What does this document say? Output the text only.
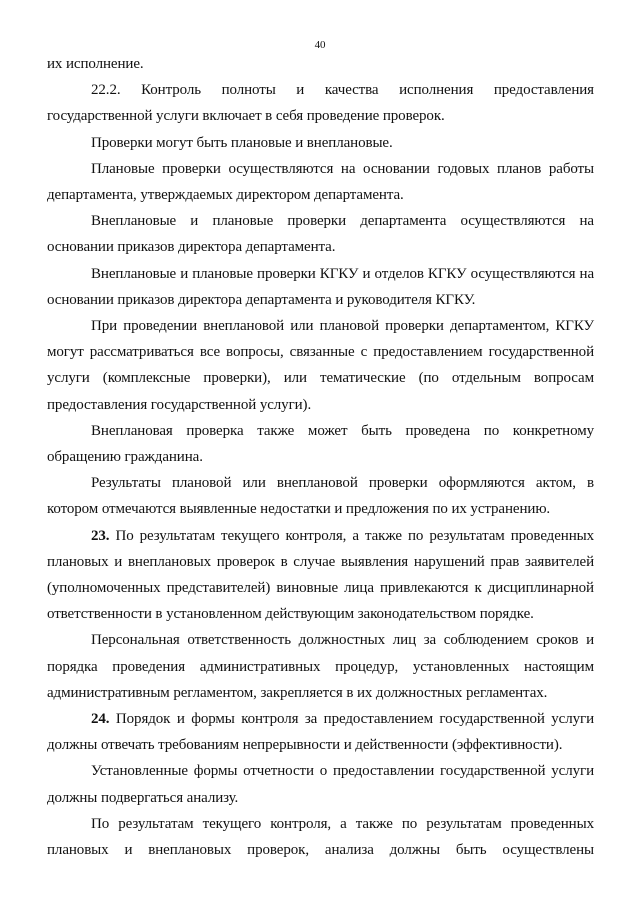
40

их исполнение.

22.2. Контроль полноты и качества исполнения предоставления государственной услуги включает в себя проведение проверок.

Проверки могут быть плановые и внеплановые.

Плановые проверки осуществляются на основании годовых планов работы департамента, утверждаемых директором департамента.

Внеплановые и плановые проверки департамента осуществляются на основании приказов директора департамента.

Внеплановые и плановые проверки КГКУ и отделов КГКУ осуществляются на основании приказов директора департамента и руководителя КГКУ.

При проведении внеплановой или плановой проверки департаментом, КГКУ могут рассматриваться все вопросы, связанные с предоставлением государственной услуги (комплексные проверки), или тематические (по отдельным вопросам предоставления государственной услуги).

Внеплановая проверка также может быть проведена по конкретному обращению гражданина.

Результаты плановой или внеплановой проверки оформляются актом, в котором отмечаются выявленные недостатки и предложения по их устранению.

23. По результатам текущего контроля, а также по результатам проведенных плановых и внеплановых проверок в случае выявления нарушений прав заявителей (уполномоченных представителей) виновные лица привлекаются к дисциплинарной ответственности в установленном действующим законодательством порядке.

Персональная ответственность должностных лиц за соблюдением сроков и порядка проведения административных процедур, установленных настоящим административным регламентом, закрепляется в их должностных регламентах.

24. Порядок и формы контроля за предоставлением государственной услуги должны отвечать требованиям непрерывности и действенности (эффективности).

Установленные формы отчетности о предоставлении государственной услуги должны подвергаться анализу.

По результатам текущего контроля, а также по результатам проведенных плановых и внеплановых проверок, анализа должны быть осуществлены
